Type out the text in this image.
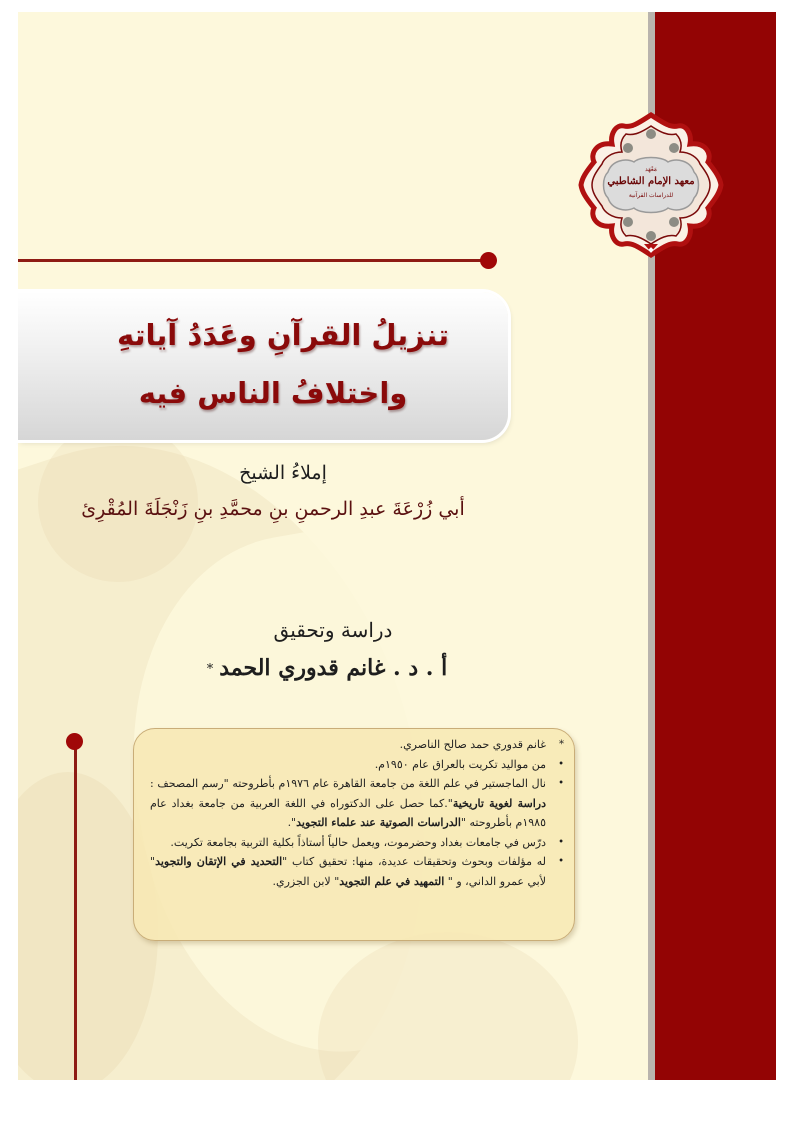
مَعْهَد
معهد الإمام الشاطبي
للدراسات القرآنية
تنزيلُ القرآنِ وعَدَدُ آياتهِ
واختلافُ الناس فيه
إملاءُ الشيخ
أبي زُرْعَةَ عبدِ الرحمنِ بنِ محمَّدِ بنِ زَنْجَلَةَ المُقْرِئ
دراسة وتحقيق
أ . د . غانم قدوري الحمد*
*
غانم قدوري حمد صالح الناصري.
•
من مواليد تكريت بالعراق عام ١٩٥٠م.
•
نال الماجستير في علم اللغة من جامعة القاهرة عام ١٩٧٦م بأطروحته "رسم المصحف : دراسة لغوية تاريخية".كما حصل على الدكتوراه في اللغة العربية من جامعة بغداد عام ١٩٨٥م بأطروحته "الدراسات الصوتية عند علماء التجويد".
•
درّس في جامعات بغداد وحضرموت، ويعمل حالياً أستاذاً بكلية التربية بجامعة تكريت.
•
له مؤلفات وبحوث وتحقيقات عديدة، منها: تحقيق كتاب "التحديد في الإتقان والتجويد" لأبي عمرو الداني، و " التمهيد في علم التجويد" لابن الجزري.
